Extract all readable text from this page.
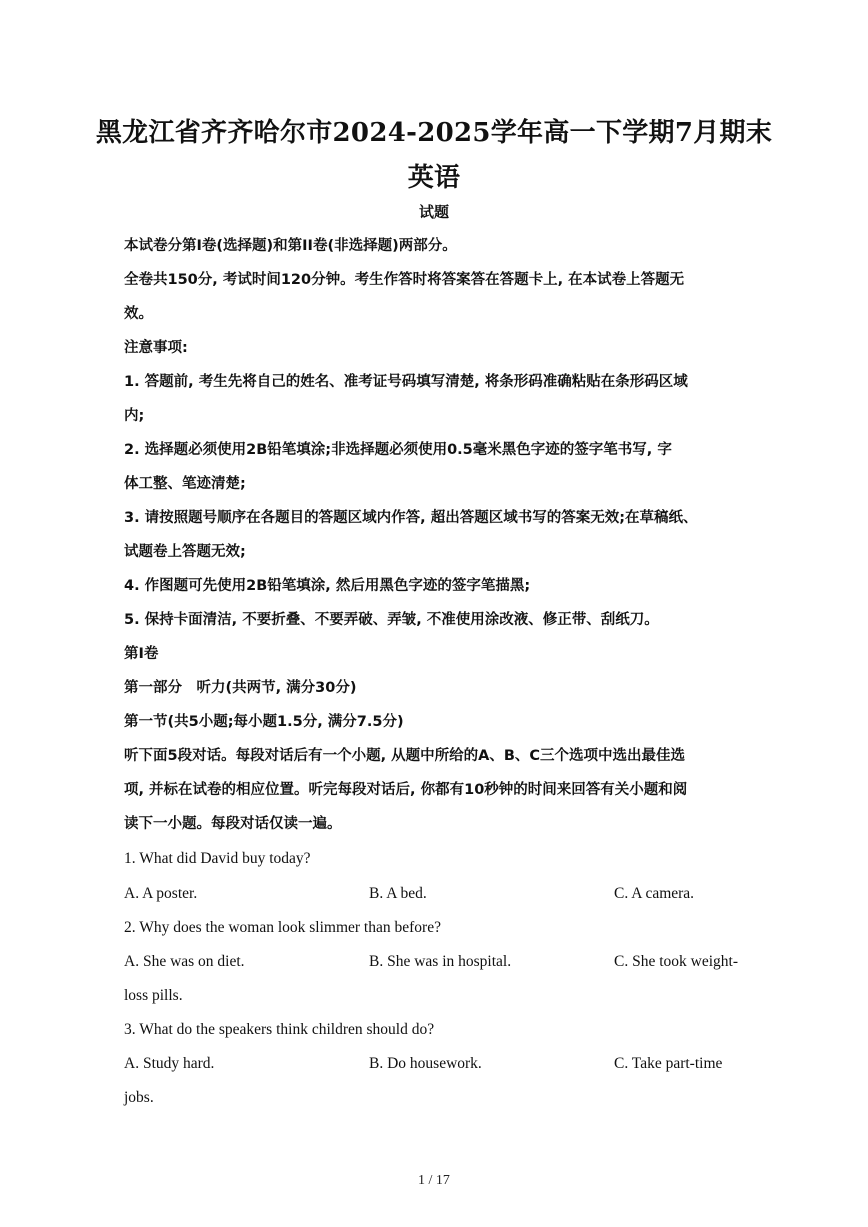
黑龙江省齐齐哈尔市2024-2025学年高一下学期7月期末
英语
试题
本试卷分第I卷(选择题)和第II卷(非选择题)两部分。
全卷共150分, 考试时间120分钟。考生作答时将答案答在答题卡上, 在本试卷上答题无
效。
注意事项:
1. 答题前, 考生先将自己的姓名、准考证号码填写清楚, 将条形码准确粘贴在条形码区域
内;
2. 选择题必须使用2B铅笔填涂;非选择题必须使用0.5毫米黑色字迹的签字笔书写, 字
体工整、笔迹清楚;
3. 请按照题号顺序在各题目的答题区域内作答, 超出答题区域书写的答案无效;在草稿纸、
试题卷上答题无效;
4. 作图题可先使用2B铅笔填涂, 然后用黑色字迹的签字笔描黑;
5. 保持卡面清洁, 不要折叠、不要弄破、弄皱, 不准使用涂改液、修正带、刮纸刀。
第I卷
第一部分　听力(共两节, 满分30分)
第一节(共5小题;每小题1.5分, 满分7.5分)
听下面5段对话。每段对话后有一个小题, 从题中所给的A、B、C三个选项中选出最佳选
项, 并标在试卷的相应位置。听完每段对话后, 你都有10秒钟的时间来回答有关小题和阅
读下一小题。每段对话仅读一遍。
1. What did David buy today?
A. A poster.	B. A bed.	C. A camera.
2. Why does the woman look slimmer than before?
A. She was on diet.	B. She was in hospital.	C. She took weight-
loss pills.
3. What do the speakers think children should do?
A. Study hard.	B. Do housework.	C. Take part-time
jobs.
1 / 17
